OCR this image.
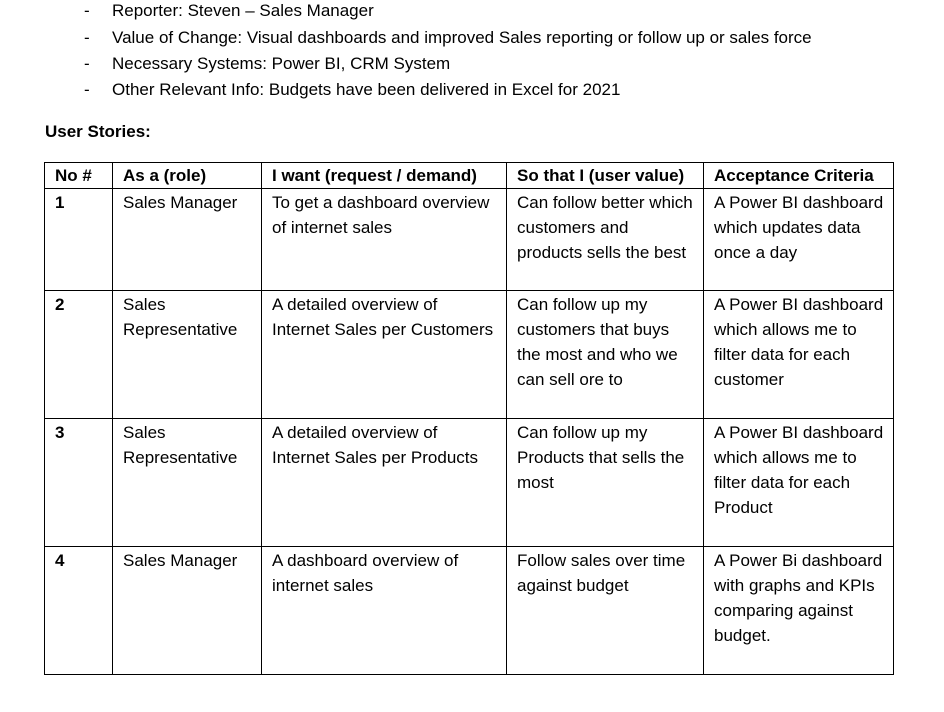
- Reporter: Steven – Sales Manager
- Value of Change: Visual dashboards and improved Sales reporting or follow up or sales force
- Necessary Systems: Power BI, CRM System
- Other Relevant Info: Budgets have been delivered in Excel for 2021
User Stories:
No #	As a (role)	I want (request / demand)	So that I (user value)	Acceptance Criteria
1	Sales Manager	To get a dashboard overview of internet sales	Can follow better which customers and products sells the best	A Power BI dashboard which updates data once a day
2	Sales Representative	A detailed overview of Internet Sales per Customers	Can follow up my customers that buys the most and who we can sell ore to	A Power BI dashboard which allows me to filter data for each customer
3	Sales Representative	A detailed overview of Internet Sales per Products	Can follow up my Products that sells the most	A Power BI dashboard which allows me to filter data for each Product
4	Sales Manager	A dashboard overview of internet sales	Follow sales over time against budget	A Power Bi dashboard with graphs and KPIs comparing against budget.
